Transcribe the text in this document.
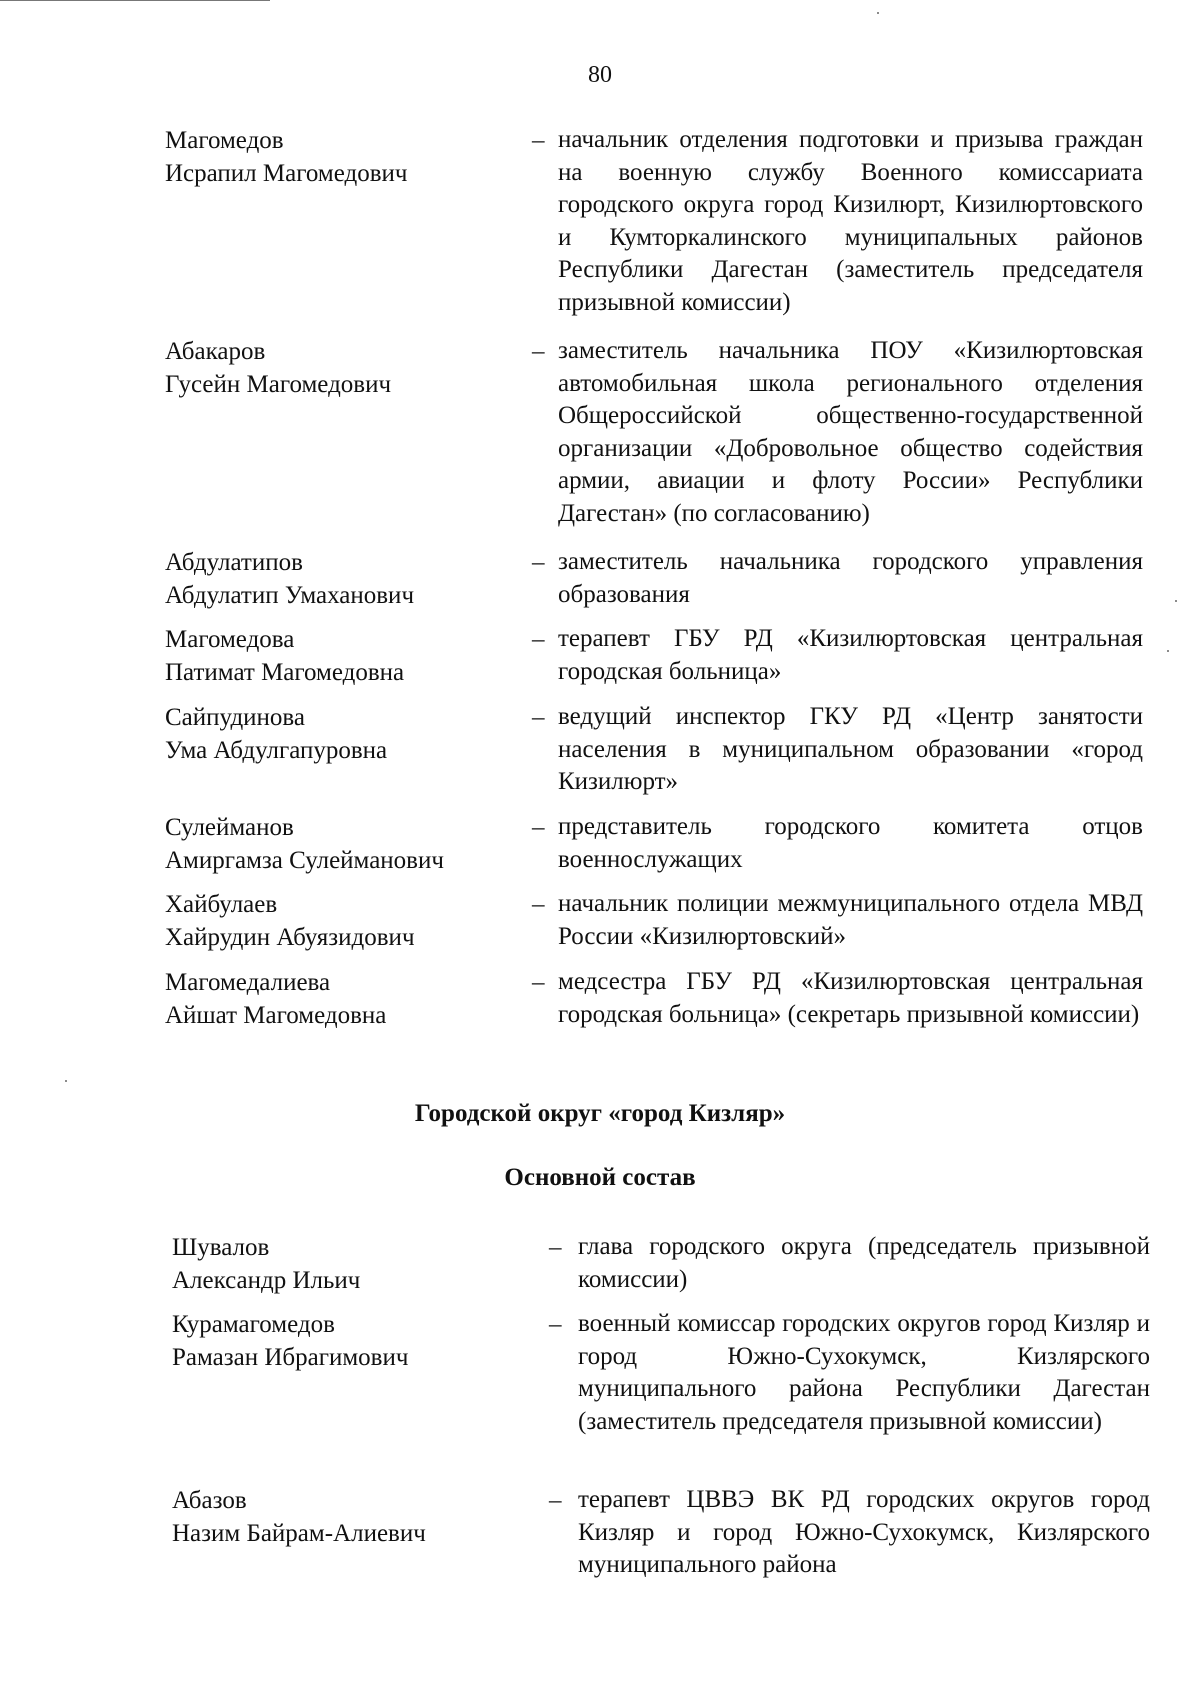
80
Магомедов
Исрапил Магомедович
– начальник отделения подготовки и призыва граждан на военную службу Военного комиссариата городского округа город Кизилюрт, Кизилюртовского и Кумторкалинского муниципальных районов Республики Дагестан (заместитель председателя призывной комиссии)
Абакаров
Гусейн Магомедович
– заместитель начальника ПОУ «Кизилюртовская автомобильная школа регионального отделения Общероссийской общественно-государственной организации «Добровольное общество содействия армии, авиации и флоту России» Республики Дагестан» (по согласованию)
Абдулатипов
Абдулатип Умаханович
– заместитель начальника городского управления образования
Магомедова
Патимат Магомедовна
– терапевт ГБУ РД «Кизилюртовская центральная городская больница»
Сайпудинова
Ума Абдулгапуровна
– ведущий инспектор ГКУ РД «Центр занятости населения в муниципальном образовании «город Кизилюрт»
Сулейманов
Амиргамза Сулейманович
– представитель городского комитета отцов военнослужащих
Хайбулаев
Хайрудин Абуязидович
– начальник полиции межмуниципального отдела МВД России «Кизилюртовский»
Магомедалиева
Айшат Магомедовна
– медсестра ГБУ РД «Кизилюртовская центральная городская больница» (секретарь призывной комиссии)
Городской округ «город Кизляр»
Основной состав
Шувалов
Александр Ильич
– глава городского округа (председатель призывной комиссии)
Курамагомедов
Рамазан Ибрагимович
– военный комиссар городских округов город Кизляр и город Южно-Сухокумск, Кизлярского муниципального района Республики Дагестан (заместитель председателя призывной комиссии)
Абазов
Назим Байрам-Алиевич
– терапевт ЦВВЭ ВК РД городских округов город Кизляр и город Южно-Сухокумск, Кизлярского муниципального района
